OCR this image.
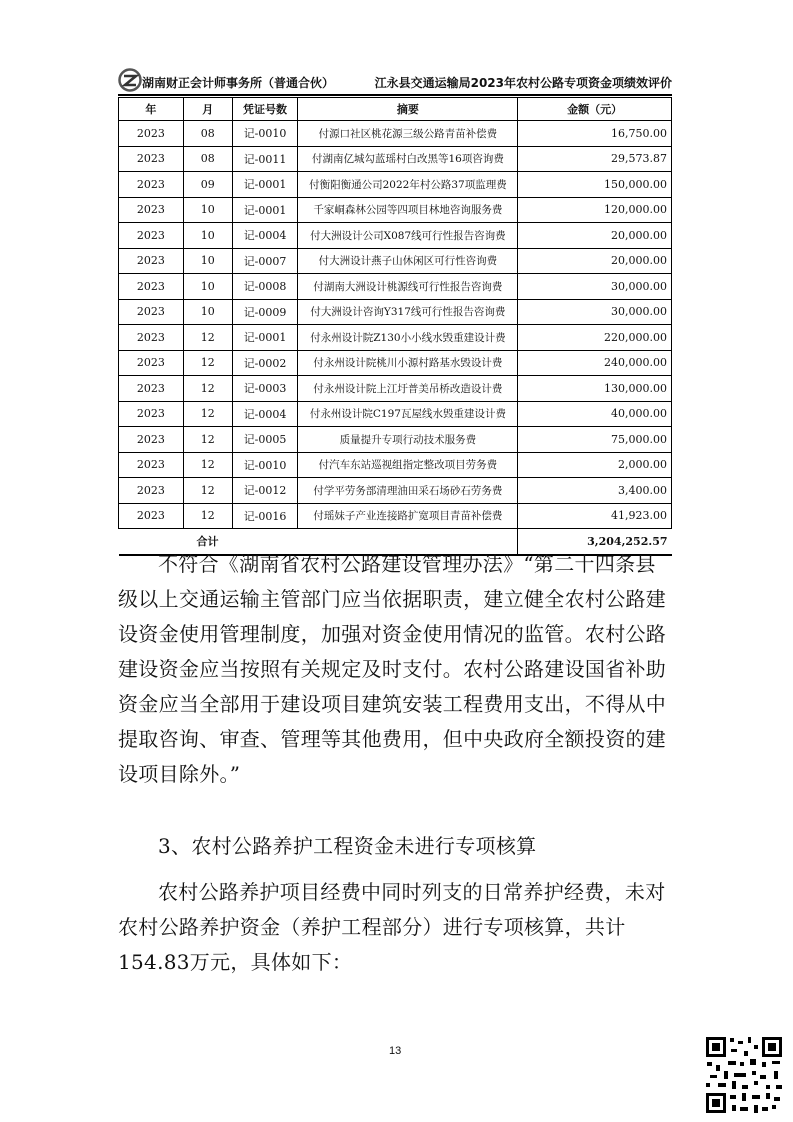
湖南财正会计师事务所（普通合伙）	江永县交通运输局2023年农村公路专项资金项绩效评价
年	月	凭证号数	摘要	金额（元）
2023	08	记-0010	付源口社区桃花源三级公路青苗补偿费	16,750.00
2023	08	记-0011	付湖南亿城勾蓝瑶村白改黑等16项咨询费	29,573.87
2023	09	记-0001	付衡阳衡通公司2022年村公路37项监理费	150,000.00
2023	10	记-0001	千家峒森林公园等四项目林地咨询服务费	120,000.00
2023	10	记-0004	付大洲设计公司X087线可行性报告咨询费	20,000.00
2023	10	记-0007	付大洲设计燕子山休闲区可行性咨询费	20,000.00
2023	10	记-0008	付湖南大洲设计桃源线可行性报告咨询费	30,000.00
2023	10	记-0009	付大洲设计咨询Y317线可行性报告咨询费	30,000.00
2023	12	记-0001	付永州设计院Z130小小线水毁重建设计费	220,000.00
2023	12	记-0002	付永州设计院桃川小源村路基水毁设计费	240,000.00
2023	12	记-0003	付永州设计院上江圩普美吊桥改造设计费	130,000.00
2023	12	记-0004	付永州设计院C197瓦屋线水毁重建设计费	40,000.00
2023	12	记-0005	质量提升专项行动技术服务费	75,000.00
2023	12	记-0010	付汽车东站巡视组指定整改项目劳务费	2,000.00
2023	12	记-0012	付学平劳务部清理油田采石场砂石劳务费	3,400.00
2023	12	记-0016	付瑶妹子产业连接路扩宽项目青苗补偿费	41,923.00
合计				3,204,252.57
不符合《湖南省农村公路建设管理办法》“第二十四条县级以上交通运输主管部门应当依据职责，建立健全农村公路建设资金使用管理制度，加强对资金使用情况的监管。农村公路建设资金应当按照有关规定及时支付。农村公路建设国省补助资金应当全部用于建设项目建筑安装工程费用支出，不得从中提取咨询、审查、管理等其他费用，但中央政府全额投资的建设项目除外。”
3、农村公路养护工程资金未进行专项核算
农村公路养护项目经费中同时列支的日常养护经费，未对农村公路养护资金（养护工程部分）进行专项核算，共计154.83万元，具体如下：
13
